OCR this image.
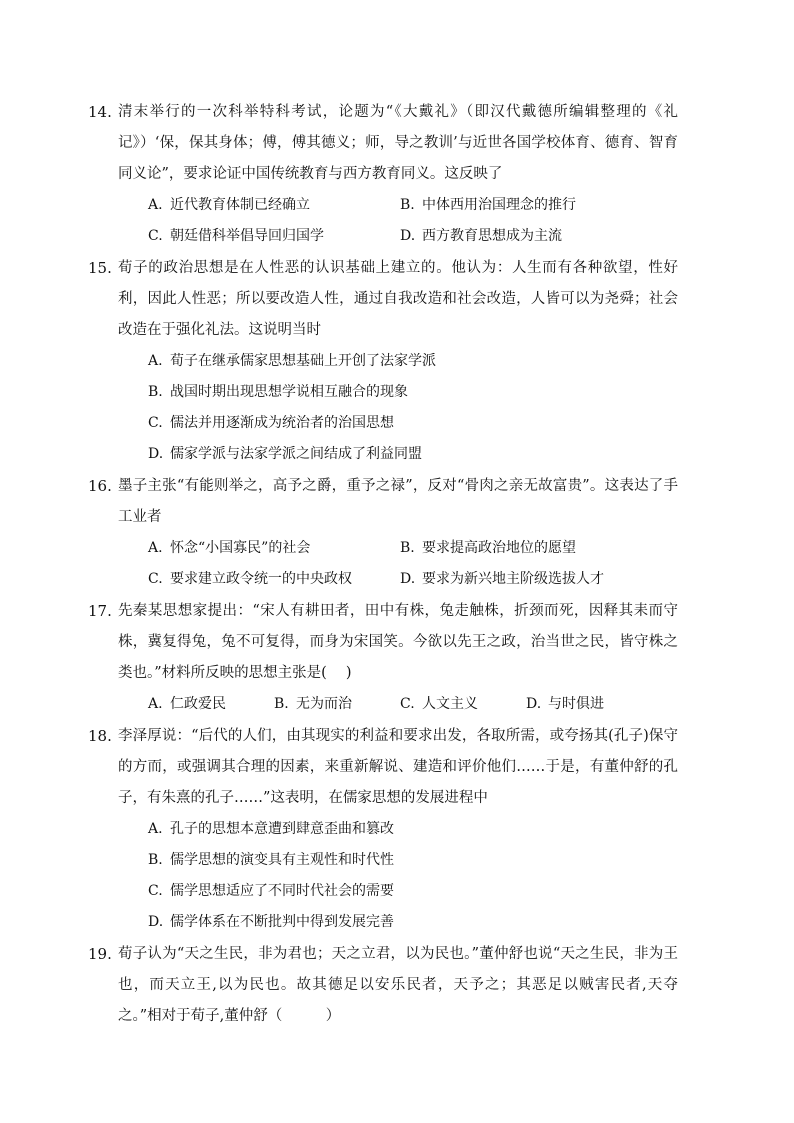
14. 清末举行的一次科举特科考试，论题为“《大戴礼》（即汉代戴德所编辑整理的《礼记》）‘保，保其身体；傅，傅其德义；师，导之教训’与近世各国学校体育、德育、智育同义论”，要求论证中国传统教育与西方教育同义。这反映了
A. 近代教育体制已经确立	B. 中体西用治国理念的推行
C. 朝廷借科举倡导回归国学	D. 西方教育思想成为主流
15. 荀子的政治思想是在人性恶的认识基础上建立的。他认为：人生而有各种欲望，性好利，因此人性恶；所以要改造人性，通过自我改造和社会改造，人皆可以为尧舜；社会改造在于强化礼法。这说明当时
A. 荀子在继承儒家思想基础上开创了法家学派
B. 战国时期出现思想学说相互融合的现象
C. 儒法并用逐渐成为统治者的治国思想
D. 儒家学派与法家学派之间结成了利益同盟
16. 墨子主张“有能则举之，高予之爵，重予之禄”，反对“骨肉之亲无故富贵”。这表达了手工业者
A. 怀念“小国寡民”的社会	B. 要求提高政治地位的愿望
C. 要求建立政令统一的中央政权	D. 要求为新兴地主阶级选拔人才
17. 先秦某思想家提出：“宋人有耕田者，田中有株，兔走触株，折颈而死，因释其耒而守株，冀复得兔，兔不可复得，而身为宋国笑。今欲以先王之政，治当世之民，皆守株之类也。”材料所反映的思想主张是(　 )
A. 仁政爱民	B. 无为而治	C. 人文主义	D. 与时俱进
18. 李泽厚说：“后代的人们，由其现实的利益和要求出发，各取所需，或夸扬其(孔子)保守的方而，或强调其合理的因素，来重新解说、建造和评价他们……于是，有董仲舒的孔子，有朱熹的孔子……”这表明，在儒家思想的发展进程中
A. 孔子的思想本意遭到肆意歪曲和篡改
B. 儒学思想的演变具有主观性和时代性
C. 儒学思想适应了不同时代社会的需要
D. 儒学体系在不断批判中得到发展完善
19. 荀子认为“天之生民，非为君也；天之立君，以为民也。”董仲舒也说“天之生民，非为王也，而天立王,以为民也。故其德足以安乐民者，天予之；其恶足以贼害民者,天夺之。”相对于荀子,董仲舒（　　　）
